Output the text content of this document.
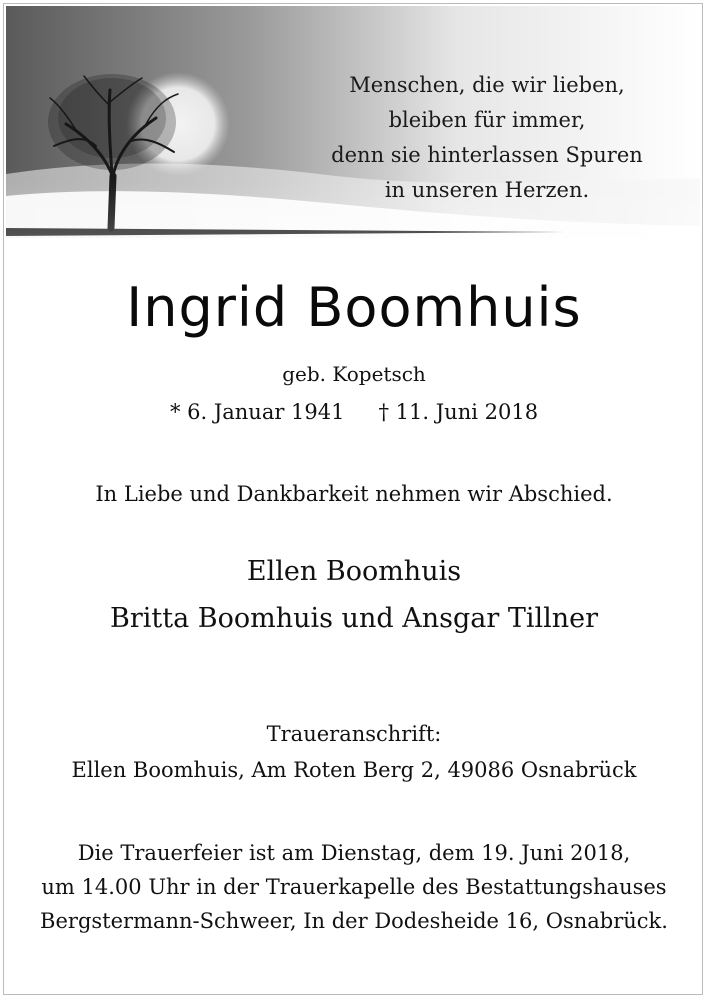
Menschen, die wir lieben,
bleiben für immer,
denn sie hinterlassen Spuren
in unseren Herzen.
Ingrid Boomhuis
geb. Kopetsch
* 6. Januar 1941 † 11. Juni 2018
In Liebe und Dankbarkeit nehmen wir Abschied.
Ellen Boomhuis
Britta Boomhuis und Ansgar Tillner
Traueranschrift:
Ellen Boomhuis, Am Roten Berg 2, 49086 Osnabrück
Die Trauerfeier ist am Dienstag, dem 19. Juni 2018,
um 14.00 Uhr in der Trauerkapelle des Bestattungshauses
Bergstermann-Schweer, In der Dodesheide 16, Osnabrück.
